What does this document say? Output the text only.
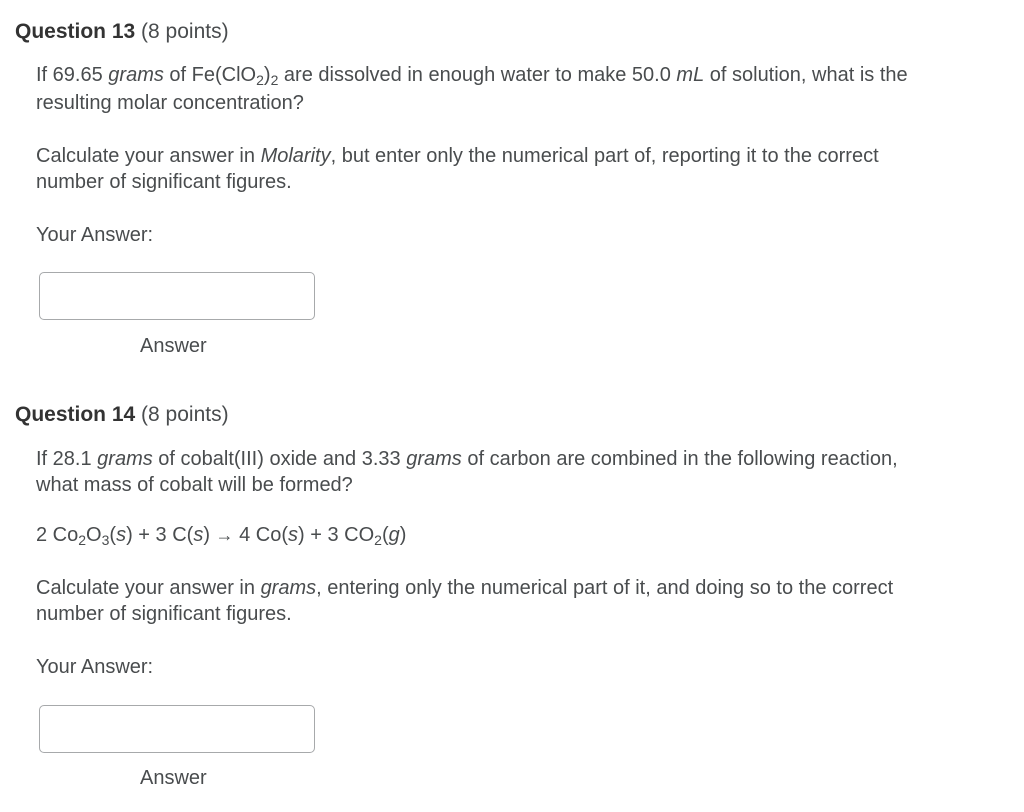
Question 13 (8 points)

If 69.65 grams of $Fe(ClO_2)_2$ are dissolved in enough water to make 50.0 mL of solution, what is the resulting molar concentration?

Calculate your answer in Molarity, but enter only the numerical part of, reporting it to the correct number of significant figures.

Your Answer:
Answer
Question 14 (8 points)

If 28.1 grams of cobalt(III) oxide and 3.33 grams of carbon are combined in the following reaction, what mass of cobalt will be formed?

2 $Co_2O_3(s) + 3$ C(s) → 4 Co(s) + 3 $CO_2(g)$

Calculate your answer in grams, entering only the numerical part of it, and doing so to the correct number of significant figures.

Your Answer:
Answer
